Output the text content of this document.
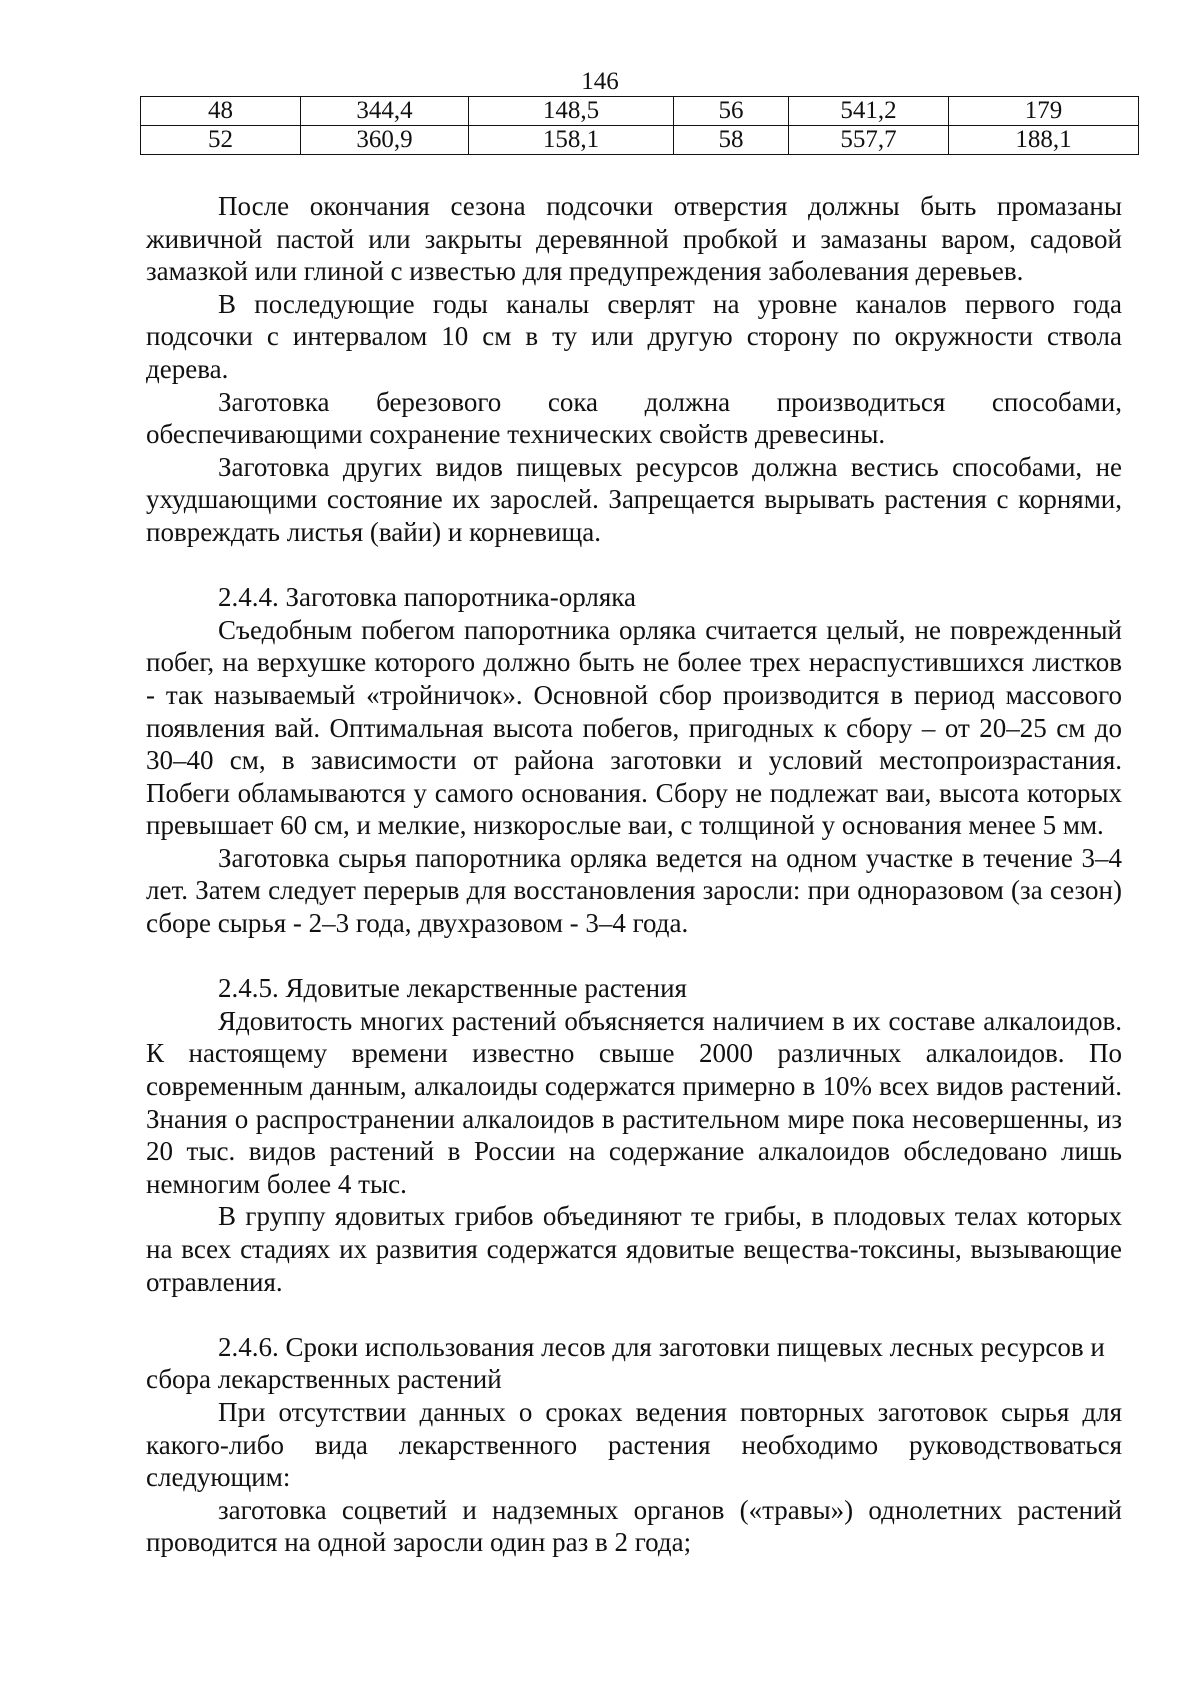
146
48	344,4	148,5	56	541,2	179
52	360,9	158,1	58	557,7	188,1

После окончания сезона подсочки отверстия должны быть промазаны живичной пастой или закрыты деревянной пробкой и замазаны варом, садовой замазкой или глиной с известью для предупреждения заболевания деревьев.

В последующие годы каналы сверлят на уровне каналов первого года подсочки с интервалом 10 см в ту или другую сторону по окружности ствола дерева.

Заготовка березового сока должна производиться способами, обеспечивающими сохранение технических свойств древесины.

Заготовка других видов пищевых ресурсов должна вестись способами, не ухудшающими состояние их зарослей. Запрещается вырывать растения с корнями, повреждать листья (вайи) и корневища.

2.4.4. Заготовка папоротника-орляка

Съедобным побегом папоротника орляка считается целый, не поврежденный побег, на верхушке которого должно быть не более трех нераспустившихся листков - так называемый «тройничок». Основной сбор производится в период массового появления вай. Оптимальная высота побегов, пригодных к сбору – от 20–25 см до 30–40 см, в зависимости от района заготовки и условий местопроизрастания. Побеги обламываются у самого основания. Сбору не подлежат ваи, высота которых превышает 60 см, и мелкие, низкорослые ваи, с толщиной у основания менее 5 мм.

Заготовка сырья папоротника орляка ведется на одном участке в течение 3–4 лет. Затем следует перерыв для восстановления заросли: при одноразовом (за сезон) сборе сырья - 2–3 года, двухразовом - 3–4 года.

2.4.5. Ядовитые лекарственные растения

Ядовитость многих растений объясняется наличием в их составе алкалоидов. К настоящему времени известно свыше 2000 различных алкалоидов. По современным данным, алкалоиды содержатся примерно в 10% всех видов растений. Знания о распространении алкалоидов в растительном мире пока несовершенны, из 20 тыс. видов растений в России на содержание алкалоидов обследовано лишь немногим более 4 тыс.

В группу ядовитых грибов объединяют те грибы, в плодовых телах которых на всех стадиях их развития содержатся ядовитые вещества-токсины, вызывающие отравления.

2.4.6. Сроки использования лесов для заготовки пищевых лесных ресурсов и сбора лекарственных растений

При отсутствии данных о сроках ведения повторных заготовок сырья для какого-либо вида лекарственного растения необходимо руководствоваться следующим:

заготовка соцветий и надземных органов («травы») однолетних растений проводится на одной заросли один раз в 2 года;
